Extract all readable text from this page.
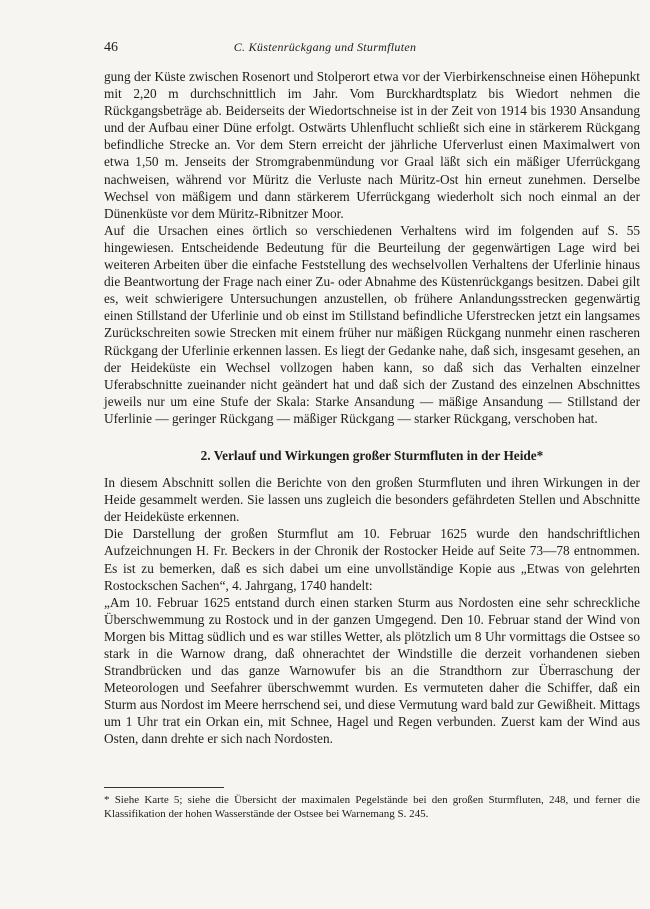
46	C. Küstenrückgang und Sturmfluten

gung der Küste zwischen Rosenort und Stolperort etwa vor der Vierbirkenschneise einen Höhepunkt mit 2,20 m durchschnittlich im Jahr. Vom Burckhardtsplatz bis Wiedort nehmen die Rückgangsbeträge ab. Beiderseits der Wiedortschneise ist in der Zeit von 1914 bis 1930 Ansandung und der Aufbau einer Düne erfolgt. Ostwärts Uhlenflucht schließt sich eine in stärkerem Rückgang befindliche Strecke an. Vor dem Stern erreicht der jährliche Uferverlust einen Maximalwert von etwa 1,50 m. Jenseits der Stromgrabenmündung vor Graal läßt sich ein mäßiger Uferrückgang nachweisen, während vor Müritz die Verluste nach Müritz-Ost hin erneut zunehmen. Derselbe Wechsel von mäßigem und dann stärkerem Uferrückgang wiederholt sich noch einmal an der Dünenküste vor dem Müritz-Ribnitzer Moor.

Auf die Ursachen eines örtlich so verschiedenen Verhaltens wird im folgenden auf S. 55 hingewiesen. Entscheidende Bedeutung für die Beurteilung der gegenwärtigen Lage wird bei weiteren Arbeiten über die einfache Feststellung des wechselvollen Verhaltens der Uferlinie hinaus die Beantwortung der Frage nach einer Zu- oder Abnahme des Küstenrückgangs besitzen. Dabei gilt es, weit schwierigere Untersuchungen anzustellen, ob frühere Anlandungsstrecken gegenwärtig einen Stillstand der Uferlinie und ob einst im Stillstand befindliche Uferstrecken jetzt ein langsames Zurückschreiten sowie Strecken mit einem früher nur mäßigen Rückgang nunmehr einen rascheren Rückgang der Uferlinie erkennen lassen. Es liegt der Gedanke nahe, daß sich, insgesamt gesehen, an der Heideküste ein Wechsel vollzogen haben kann, so daß sich das Verhalten einzelner Uferabschnitte zueinander nicht geändert hat und daß sich der Zustand des einzelnen Abschnittes jeweils nur um eine Stufe der Skala: Starke Ansandung — mäßige Ansandung — Stillstand der Uferlinie — geringer Rückgang — mäßiger Rückgang — starker Rückgang, verschoben hat.

2. Verlauf und Wirkungen großer Sturmfluten in der Heide*

In diesem Abschnitt sollen die Berichte von den großen Sturmfluten und ihren Wirkungen in der Heide gesammelt werden. Sie lassen uns zugleich die besonders gefährdeten Stellen und Abschnitte der Heideküste erkennen.

Die Darstellung der großen Sturmflut am 10. Februar 1625 wurde den handschriftlichen Aufzeichnungen H. Fr. Beckers in der Chronik der Rostocker Heide auf Seite 73—78 entnommen. Es ist zu bemerken, daß es sich dabei um eine unvollständige Kopie aus „Etwas von gelehrten Rostockschen Sachen“, 4. Jahrgang, 1740 handelt:

„Am 10. Februar 1625 entstand durch einen starken Sturm aus Nordosten eine sehr schreckliche Überschwemmung zu Rostock und in der ganzen Umgegend. Den 10. Februar stand der Wind von Morgen bis Mittag südlich und es war stilles Wetter, als plötzlich um 8 Uhr vormittags die Ostsee so stark in die Warnow drang, daß ohnerachtet der Windstille die derzeit vorhandenen sieben Strandbrücken und das ganze Warnowufer bis an die Strandthorn zur Überraschung der Meteorologen und Seefahrer überschwemmt wurden. Es vermuteten daher die Schiffer, daß ein Sturm aus Nordost im Meere herrschend sei, und diese Vermutung ward bald zur Gewißheit. Mittags um 1 Uhr trat ein Orkan ein, mit Schnee, Hagel und Regen verbunden. Zuerst kam der Wind aus Osten, dann drehte er sich nach Nordosten.

* Siehe Karte 5; siehe die Übersicht der maximalen Pegelstände bei den großen Sturmfluten, 248, und ferner die Klassifikation der hohen Wasserstände der Ostsee bei Warnemang S. 245.
